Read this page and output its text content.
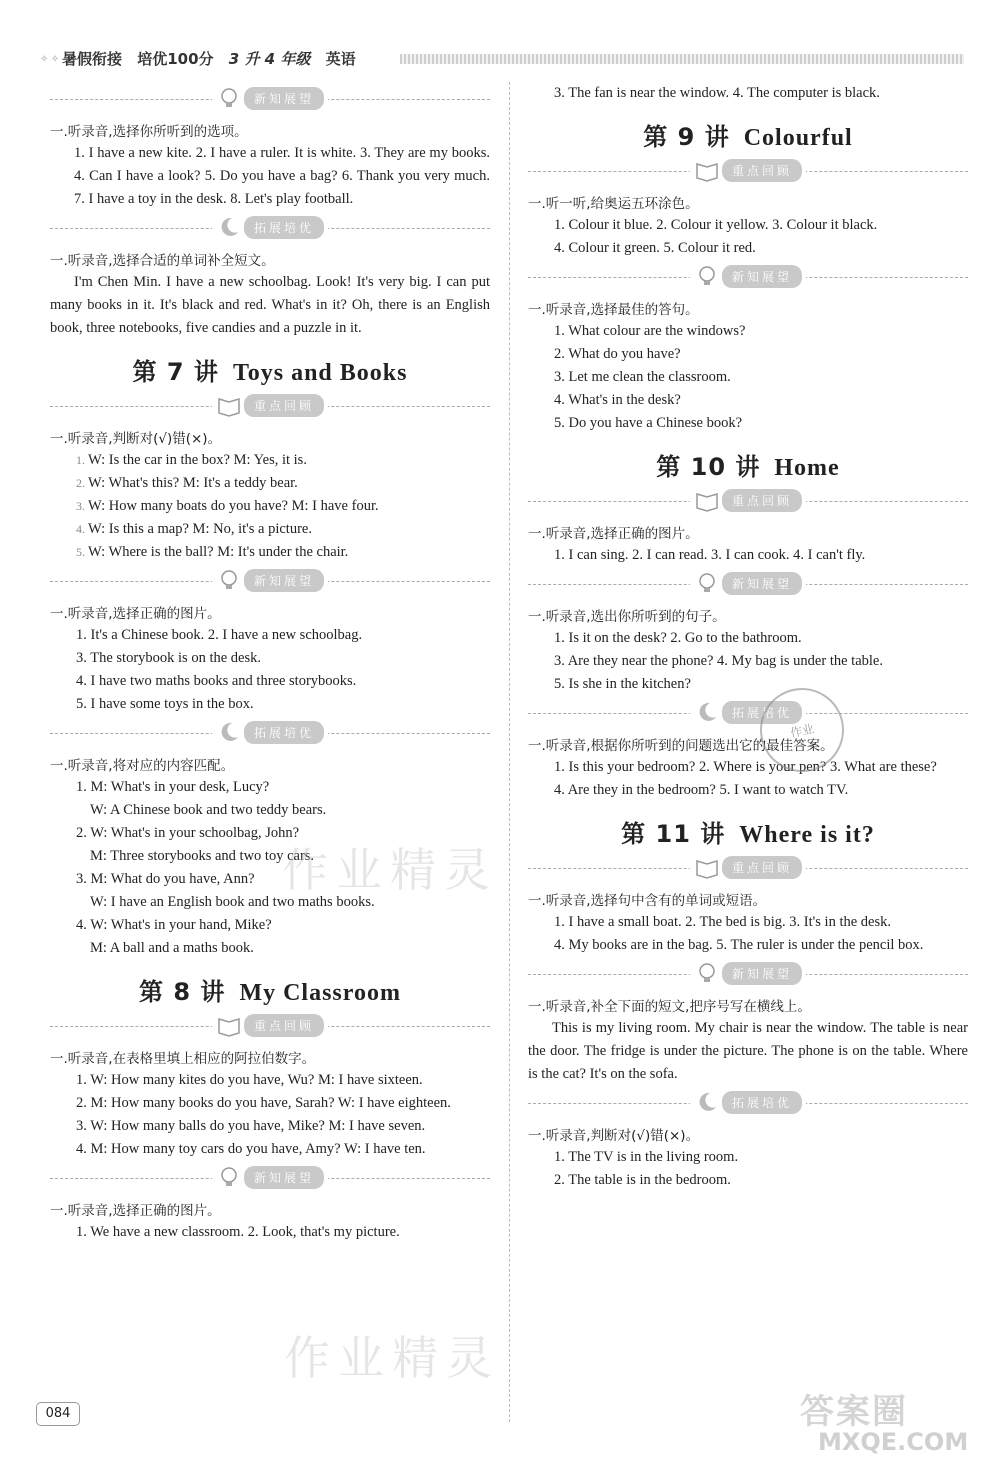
✧ ✧ 暑假衔接 培优100分 3 升 4 年级 英语
新知展望

一.听录音,选择你所听到的选项。

1. I have a new kite. 2. I have a ruler. It is white. 3. They are my books. 4. Can I have a look? 5. Do you have a bag? 6. Thank you very much. 7. I have a toy in the desk. 8. Let's play football.

拓展培优

一.听录音,选择合适的单词补全短文。

I'm Chen Min. I have a new schoolbag. Look! It's very big. I can put many books in it. It's black and red. What's in it? Oh, there is an English book, three notebooks, five candies and a puzzle in it.

第 7 讲 Toys and Books
重点回顾

一.听录音,判断对(√)错(×)。

1. W: Is the car in the box? M: Yes, it is.

2. W: What's this? M: It's a teddy bear.

3. W: How many boats do you have? M: I have four.

4. W: Is this a map? M: No, it's a picture.

5. W: Where is the ball? M: It's under the chair.

新知展望

一.听录音,选择正确的图片。

1. It's a Chinese book. 2. I have a new schoolbag.

3. The storybook is on the desk.

4. I have two maths books and three storybooks.

5. I have some toys in the box.

拓展培优

一.听录音,将对应的内容匹配。

1. M: What's in your desk, Lucy?

W: A Chinese book and two teddy bears.

2. W: What's in your schoolbag, John?

M: Three storybooks and two toy cars.

3. M: What do you have, Ann?

W: I have an English book and two maths books.

4. W: What's in your hand, Mike?

M: A ball and a maths book.

第 8 讲 My Classroom
重点回顾

一.听录音,在表格里填上相应的阿拉伯数字。

1. W: How many kites do you have, Wu? M: I have sixteen.

2. M: How many books do you have, Sarah? W: I have eighteen.

3. W: How many balls do you have, Mike? M: I have seven.

4. M: How many toy cars do you have, Amy? W: I have ten.

新知展望

一.听录音,选择正确的图片。

1. We have a new classroom. 2. Look, that's my picture.

3. The fan is near the window. 4. The computer is black.

第 9 讲 Colourful
重点回顾

一.听一听,给奥运五环涂色。

1. Colour it blue. 2. Colour it yellow. 3. Colour it black.

4. Colour it green. 5. Colour it red.

新知展望

一.听录音,选择最佳的答句。

1. What colour are the windows?

2. What do you have?

3. Let me clean the classroom.

4. What's in the desk?

5. Do you have a Chinese book?

第 10 讲 Home
重点回顾

一.听录音,选择正确的图片。

1. I can sing. 2. I can read. 3. I can cook. 4. I can't fly.

新知展望

一.听录音,选出你所听到的句子。

1. Is it on the desk? 2. Go to the bathroom.

3. Are they near the phone? 4. My bag is under the table.

5. Is she in the kitchen?

拓展培优

一.听录音,根据你所听到的问题选出它的最佳答案。

1. Is this your bedroom? 2. Where is your pen? 3. What are these?

4. Are they in the bedroom? 5. I want to watch TV.

第 11 讲 Where is it?
重点回顾

一.听录音,选择句中含有的单词或短语。

1. I have a small boat. 2. The bed is big. 3. It's in the desk.

4. My books are in the bag. 5. The ruler is under the pencil box.

新知展望

一.听录音,补全下面的短文,把序号写在横线上。

This is my living room. My chair is near the window. The table is near the door. The fridge is under the picture. The phone is on the table. Where is the cat? It's on the sofa.

拓展培优

一.听录音,判断对(√)错(×)。

1. The TV is in the living room.

2. The table is in the bedroom.

作业精灵
作业精灵
作业
答案圈
MXQE.COM
084
